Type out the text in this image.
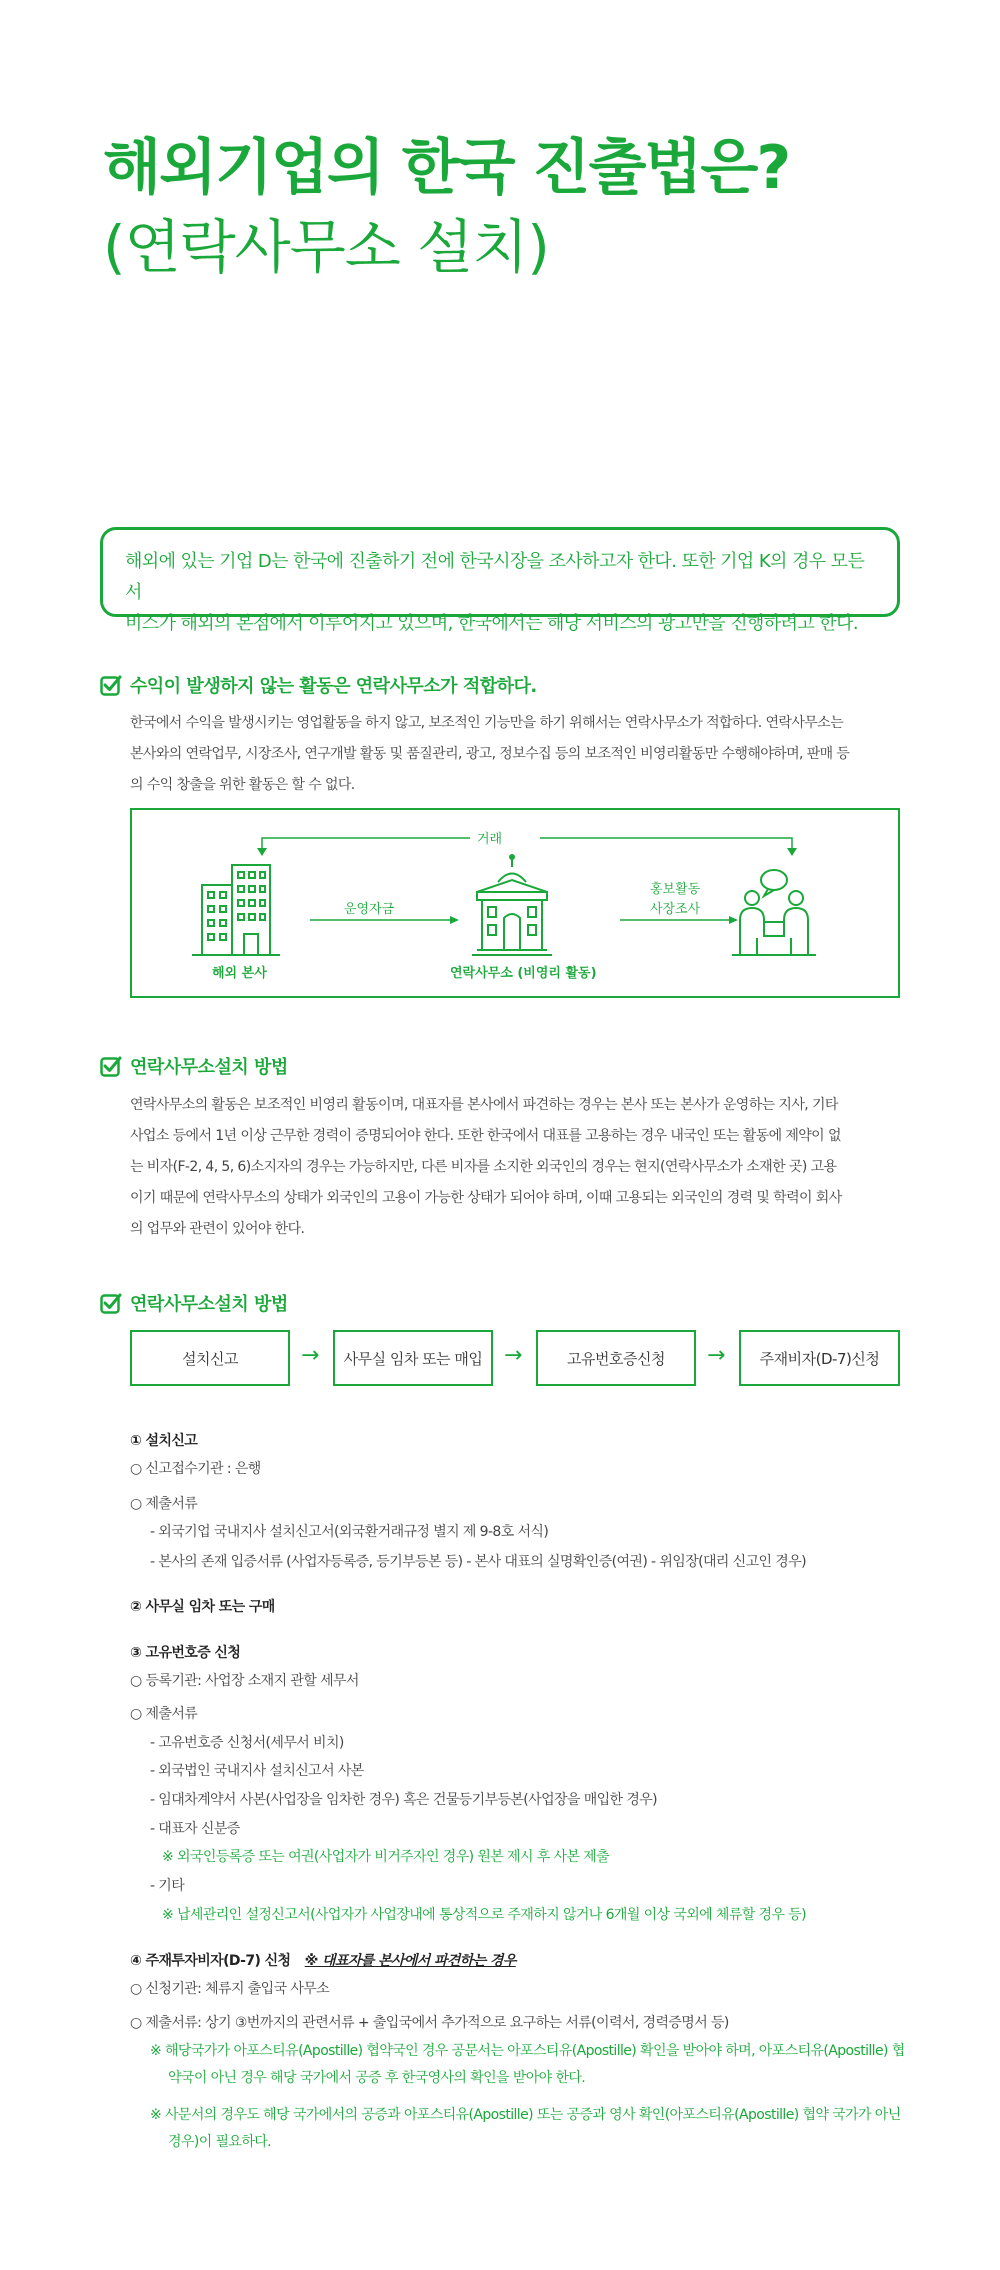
해외기업의 한국 진출법은?
(연락사무소 설치)
해외에 있는 기업 D는 한국에 진출하기 전에 한국시장을 조사하고자 한다. 또한 기업 K의 경우 모든 서
비스가 해외의 본점에서 이루어지고 있으며, 한국에서는 해당 서비스의 광고만을 진행하려고 한다.
수익이 발생하지 않는 활동은 연락사무소가 적합하다.
한국에서 수익을 발생시키는 영업활동을 하지 않고, 보조적인 기능만을 하기 위해서는 연락사무소가 적합하다. 연락사무소는
본사와의 연락업무, 시장조사, 연구개발 활동 및 품질관리, 광고, 정보수집 등의 보조적인 비영리활동만 수행해야하며, 판매 등
의 수익 창출을 위한 활동은 할 수 없다.
거래
운영자금
홍보활동
사장조사
해외 본사	연락사무소 (비영리 활동)
연락사무소설치 방법
연락사무소의 활동은 보조적인 비영리 활동이며, 대표자를 본사에서 파견하는 경우는 본사 또는 본사가 운영하는 지사, 기타
사업소 등에서 1년 이상 근무한 경력이 증명되어야 한다. 또한 한국에서 대표를 고용하는 경우 내국인 또는 활동에 제약이 없
는 비자(F-2, 4, 5, 6)소지자의 경우는 가능하지만, 다른 비자를 소지한 외국인의 경우는 현지(연락사무소가 소재한 곳) 고용
이기 때문에 연락사무소의 상태가 외국인의 고용이 가능한 상태가 되어야 하며, 이때 고용되는 외국인의 경력 및 학력이 회사
의 업무와 관련이 있어야 한다.
연락사무소설치 방법
설치신고	→	사무실 임차 또는 매입 →	고유번호증신청	→	주재비자(D-7)신청
① 설치신고
○ 신고접수기관 : 은행
○ 제출서류
- 외국기업 국내지사 설치신고서(외국환거래규정 별지 제 9-8호 서식)
- 본사의 존재 입증서류 (사업자등록증, 등기부등본 등) - 본사 대표의 실명확인증(여권) - 위임장(대리 신고인 경우)
② 사무실 임차 또는 구매
③ 고유번호증 신청
○ 등록기관: 사업장 소재지 관할 세무서
○ 제출서류
- 고유번호증 신청서(세무서 비치)
- 외국법인 국내지사 설치신고서 사본
- 임대차계약서 사본(사업장을 임차한 경우) 혹은 건물등기부등본(사업장을 매입한 경우)
- 대표자 신분증
※ 외국인등록증 또는 여권(사업자가 비거주자인 경우) 원본 제시 후 사본 제출
- 기타
※ 납세관리인 설정신고서(사업자가 사업장내에 통상적으로 주재하지 않거나 6개월 이상 국외에 체류할 경우 등)
④ 주재투자비자(D-7) 신청 ※ 대표자를 본사에서 파견하는 경우
○ 신청기관: 체류지 출입국 사무소
○ 제출서류: 상기 ③번까지의 관련서류 + 출입국에서 추가적으로 요구하는 서류(이력서, 경력증명서 등)
※ 해당국가가 아포스티유(Apostille) 협약국인 경우 공문서는 아포스티유(Apostille) 확인을 받아야 하며, 아포스티유(Apostille) 협
약국이 아닌 경우 해당 국가에서 공증 후 한국영사의 확인을 받아야 한다.
※ 사문서의 경우도 해당 국가에서의 공증과 아포스티유(Apostille) 또는 공증과 영사 확인(아포스티유(Apostille) 협약 국가가 아닌
경우)이 필요하다.
